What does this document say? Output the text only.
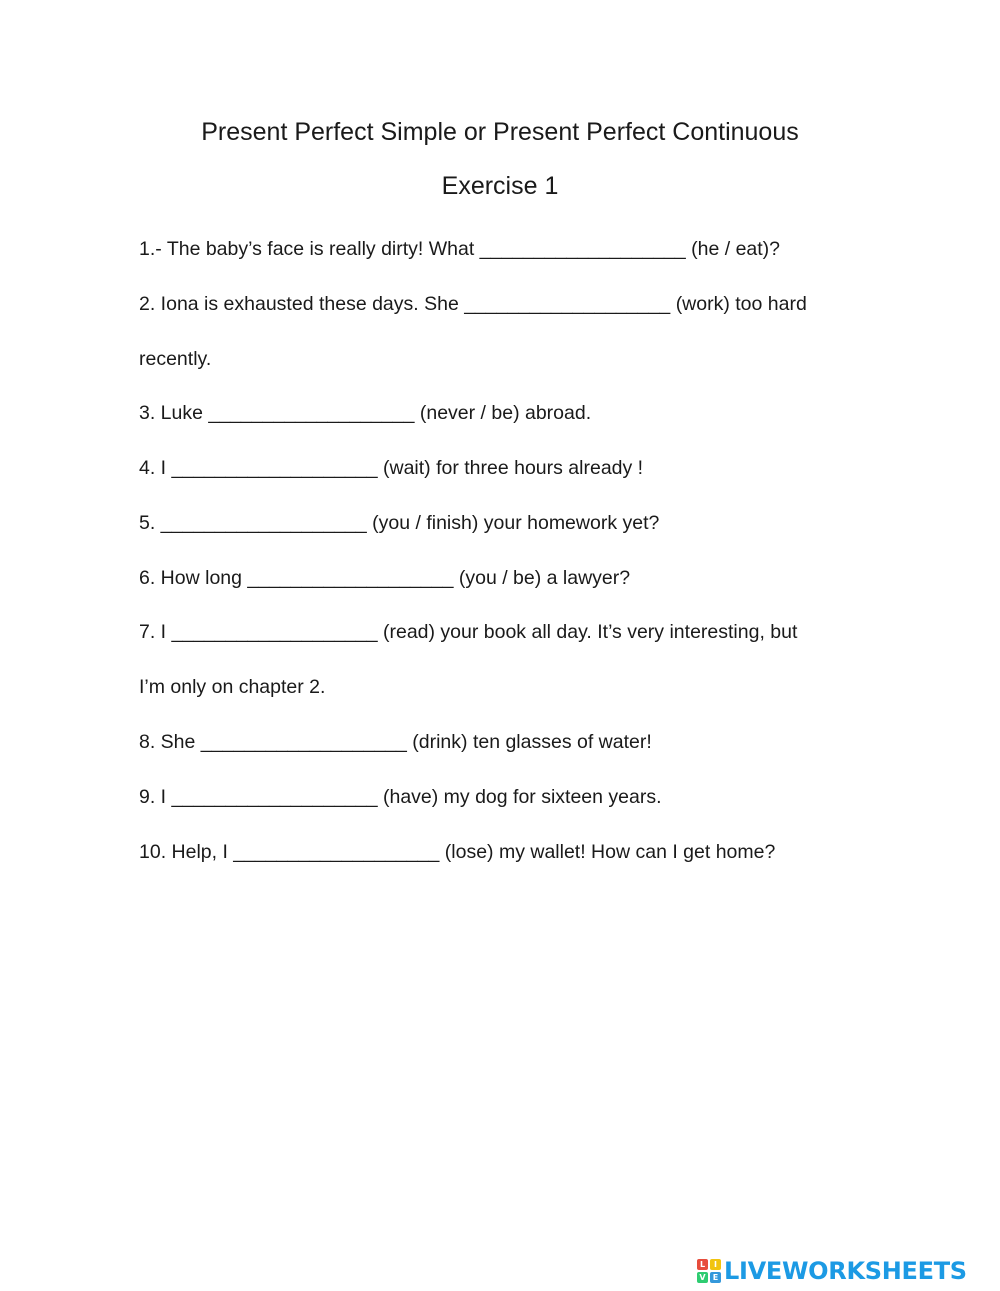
Present Perfect Simple or Present Perfect Continuous
Exercise 1
1.- The baby’s face is really dirty! What ___________________ (he / eat)?
2. Iona is exhausted these days. She ___________________ (work) too hard
recently.
3. Luke ___________________ (never / be) abroad.
4. I ___________________ (wait) for three hours already !
5. ___________________ (you / finish) your homework yet?
6. How long ___________________ (you / be) a lawyer?
7. I ___________________ (read) your book all day. It’s very interesting, but
I’m only on chapter 2.
8. She ___________________ (drink) ten glasses of water!
9. I ___________________ (have) my dog for sixteen years.
10. Help, I ___________________ (lose) my wallet! How can I get home?
L	I
V E LIVEWORKSHEETS
